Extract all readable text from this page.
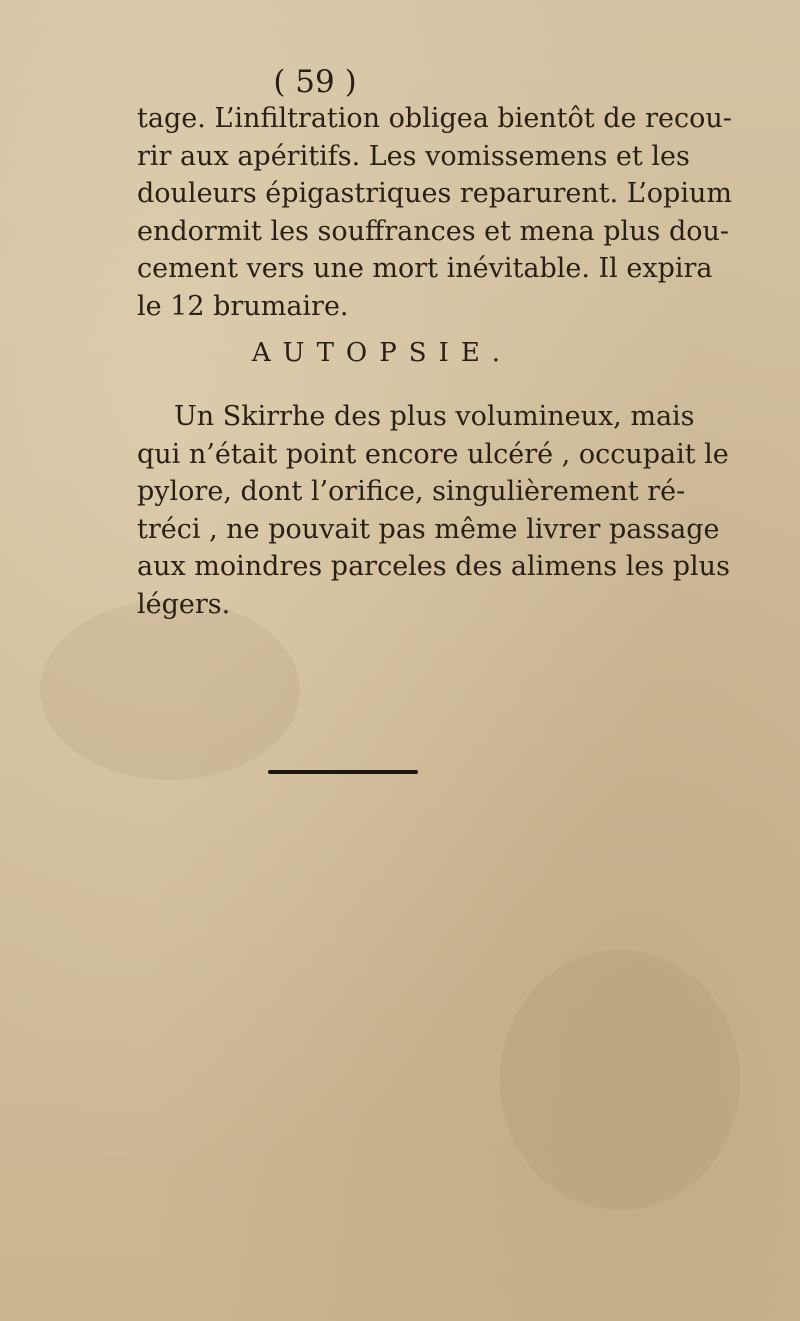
( 59 )
tage. L’infiltration obligea bientôt de recou-
rir aux apéritifs. Les vomissemens et les
douleurs épigastriques reparurent. L’opium
endormit les souffrances et mena plus dou-
cement vers une mort inévitable. Il expira
le 12 brumaire.
AUTOPSIE.
Un Skirrhe des plus volumineux, mais
qui n’était point encore ulcéré , occupait le
pylore, dont l’orifice, singulièrement ré-
tréci , ne pouvait pas même livrer passage
aux moindres parceles des alimens les plus
légers.
